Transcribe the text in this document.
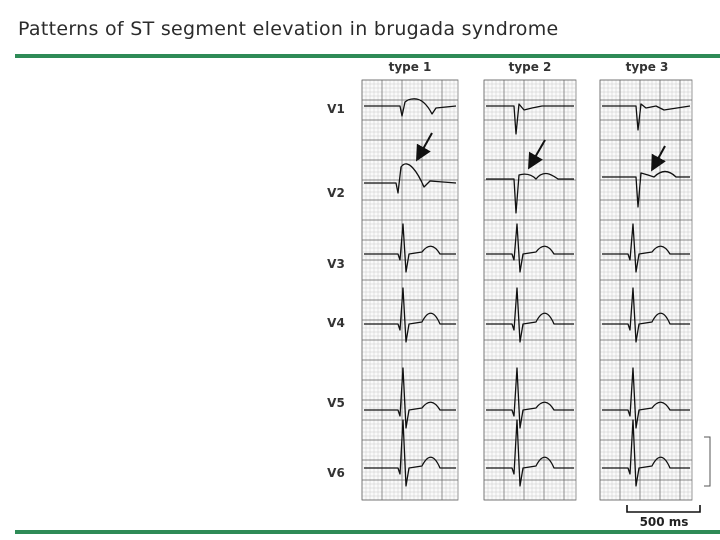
Patterns of ST segment elevation in brugada syndrome
type 1	type 2	type 3
V1
V2
V3
V4
V5
V6
500 ms
